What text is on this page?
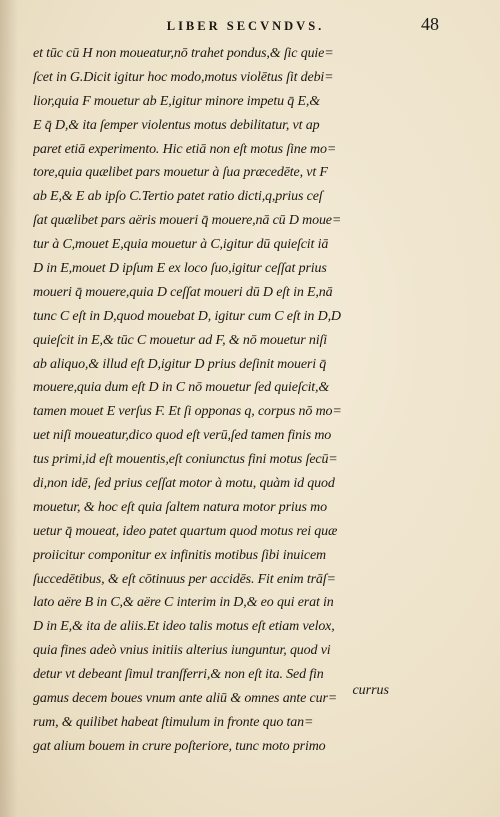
LIBER SECVNDVS.	48
et tūc cū H non moueatur,nō trahet pondus,& ſic quie=
ſcet in G.Dicit igitur hoc modo,motus violētus ſit debi=
lior,quia F mouetur ab E,igitur minore impetu q̄ E,&
E q̄ D,& ita ſemper violentus motus debilitatur, vt ap
paret etiā experimento. Hic etiā non eſt motus ſine mo=
tore,quia quælibet pars mouetur à ſua præcedēte, vt F
ab E,& E ab ipſo C.Tertio patet ratio dicti,q,prius ceſ
ſat quælibet pars aëris moueri q̄ mouere,nā cū D moue=
tur à C,mouet E,quia mouetur à C,igitur dū quieſcit iā
D in E,mouet D ipſum E ex loco ſuo,igitur ceſſat prius
moueri q̄ mouere,quia D ceſſat moueri dū D eſt in E,nā
tunc C eſt in D,quod mouebat D, igitur cum C eſt in D,D
quieſcit in E,& tūc C mouetur ad F, & nō mouetur niſi
ab aliquo,& illud eſt D,igitur D prius deſinit moueri q̄
mouere,quia dum eſt D in C nō mouetur ſed quieſcit,&
tamen mouet E verſus F. Et ſi opponas q, corpus nō mo=
uet niſi moueatur,dico quod eſt verū,ſed tamen finis mo
tus primi,id eſt mouentis,eſt coniunctus fini motus ſecū=
di,non idē, ſed prius ceſſat motor à motu, quàm id quod
mouetur, & hoc eſt quia ſaltem natura motor prius mo
uetur q̄ moueat, ideo patet quartum quod motus rei quæ
proiicitur componitur ex infinitis motibus ſibi inuicem
ſuccedētibus, & eſt cōtinuus per accidēs. Fit enim trāſ=
lato aëre B in C,& aëre C interim in D,& eo qui erat in
D in E,& ita de aliis.Et ideo talis motus eſt etiam velox,
quia fines adeò vnius initiis alterius iunguntur, quod vi
detur vt debeant ſimul tranſferri,& non eſt ita. Sed fin
gamus decem boues vnum ante aliū & omnes ante cur=
rum, & quilibet habeat ſtimulum in fronte quo tan=
gat alium bouem in crure poſteriore, tunc moto primo
currus
